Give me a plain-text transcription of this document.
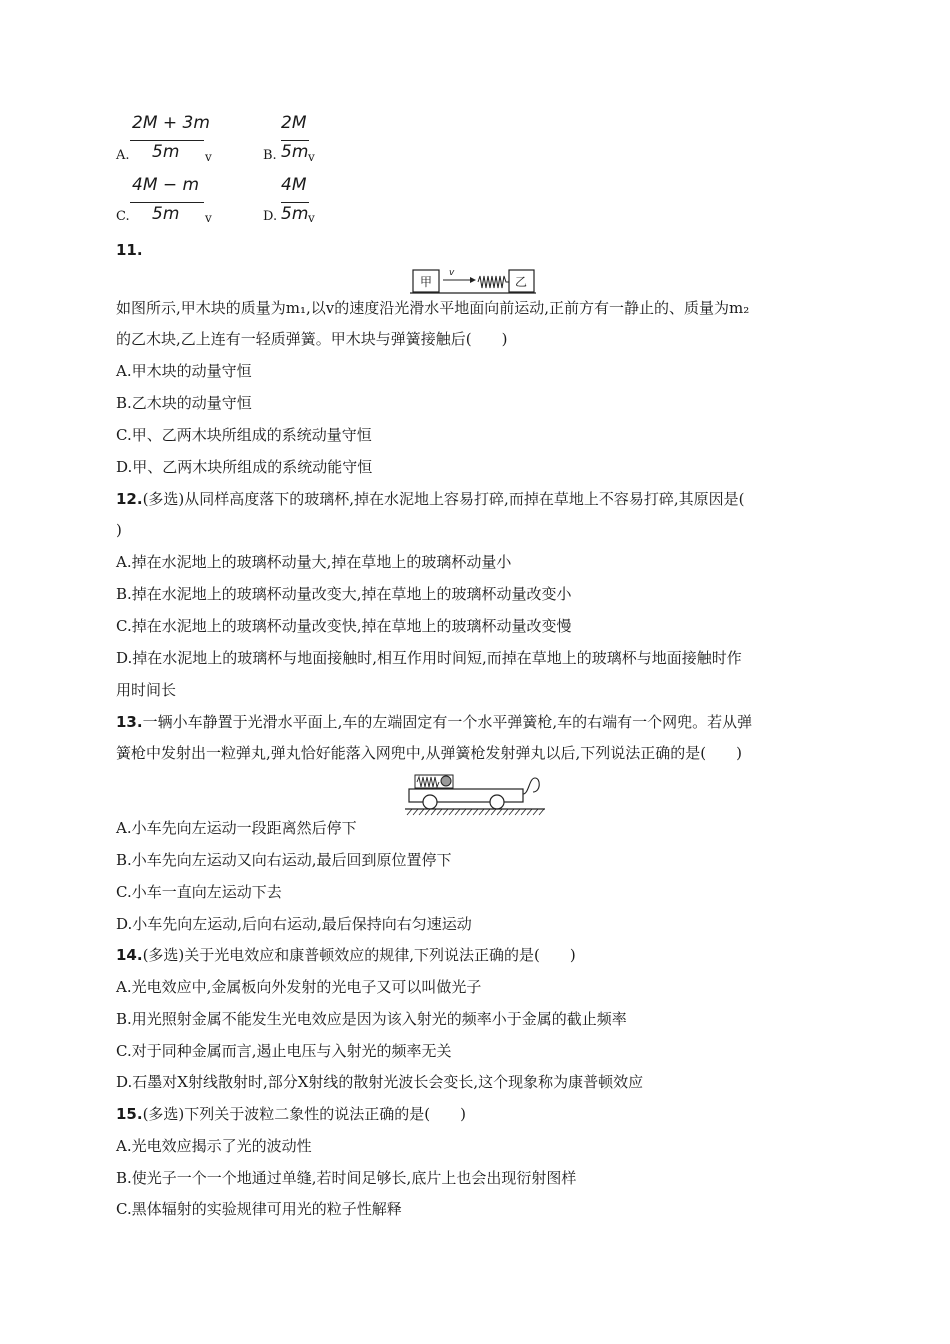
2M + 3m
5m
A.	v
2M
5m
B.	v
4M − m
5m
C.	v
4M
5m
D.	v
11.
甲
v
乙
如图所示,甲木块的质量为m₁,以v的速度沿光滑水平地面向前运动,正前方有一静止的、质量为m₂
的乙木块,乙上连有一轻质弹簧。甲木块与弹簧接触后(　　)
A.甲木块的动量守恒
B.乙木块的动量守恒
C.甲、乙两木块所组成的系统动量守恒
D.甲、乙两木块所组成的系统动能守恒
12.(多选)从同样高度落下的玻璃杯,掉在水泥地上容易打碎,而掉在草地上不容易打碎,其原因是(
)
A.掉在水泥地上的玻璃杯动量大,掉在草地上的玻璃杯动量小
B.掉在水泥地上的玻璃杯动量改变大,掉在草地上的玻璃杯动量改变小
C.掉在水泥地上的玻璃杯动量改变快,掉在草地上的玻璃杯动量改变慢
D.掉在水泥地上的玻璃杯与地面接触时,相互作用时间短,而掉在草地上的玻璃杯与地面接触时作
用时间长
13.一辆小车静置于光滑水平面上,车的左端固定有一个水平弹簧枪,车的右端有一个网兜。若从弹
簧枪中发射出一粒弹丸,弹丸恰好能落入网兜中,从弹簧枪发射弹丸以后,下列说法正确的是(　　)
A.小车先向左运动一段距离然后停下
B.小车先向左运动又向右运动,最后回到原位置停下
C.小车一直向左运动下去
D.小车先向左运动,后向右运动,最后保持向右匀速运动
14.(多选)关于光电效应和康普顿效应的规律,下列说法正确的是(　　)
A.光电效应中,金属板向外发射的光电子又可以叫做光子
B.用光照射金属不能发生光电效应是因为该入射光的频率小于金属的截止频率
C.对于同种金属而言,遏止电压与入射光的频率无关
D.石墨对X射线散射时,部分X射线的散射光波长会变长,这个现象称为康普顿效应
15.(多选)下列关于波粒二象性的说法正确的是(　　)
A.光电效应揭示了光的波动性
B.使光子一个一个地通过单缝,若时间足够长,底片上也会出现衍射图样
C.黑体辐射的实验规律可用光的粒子性解释
